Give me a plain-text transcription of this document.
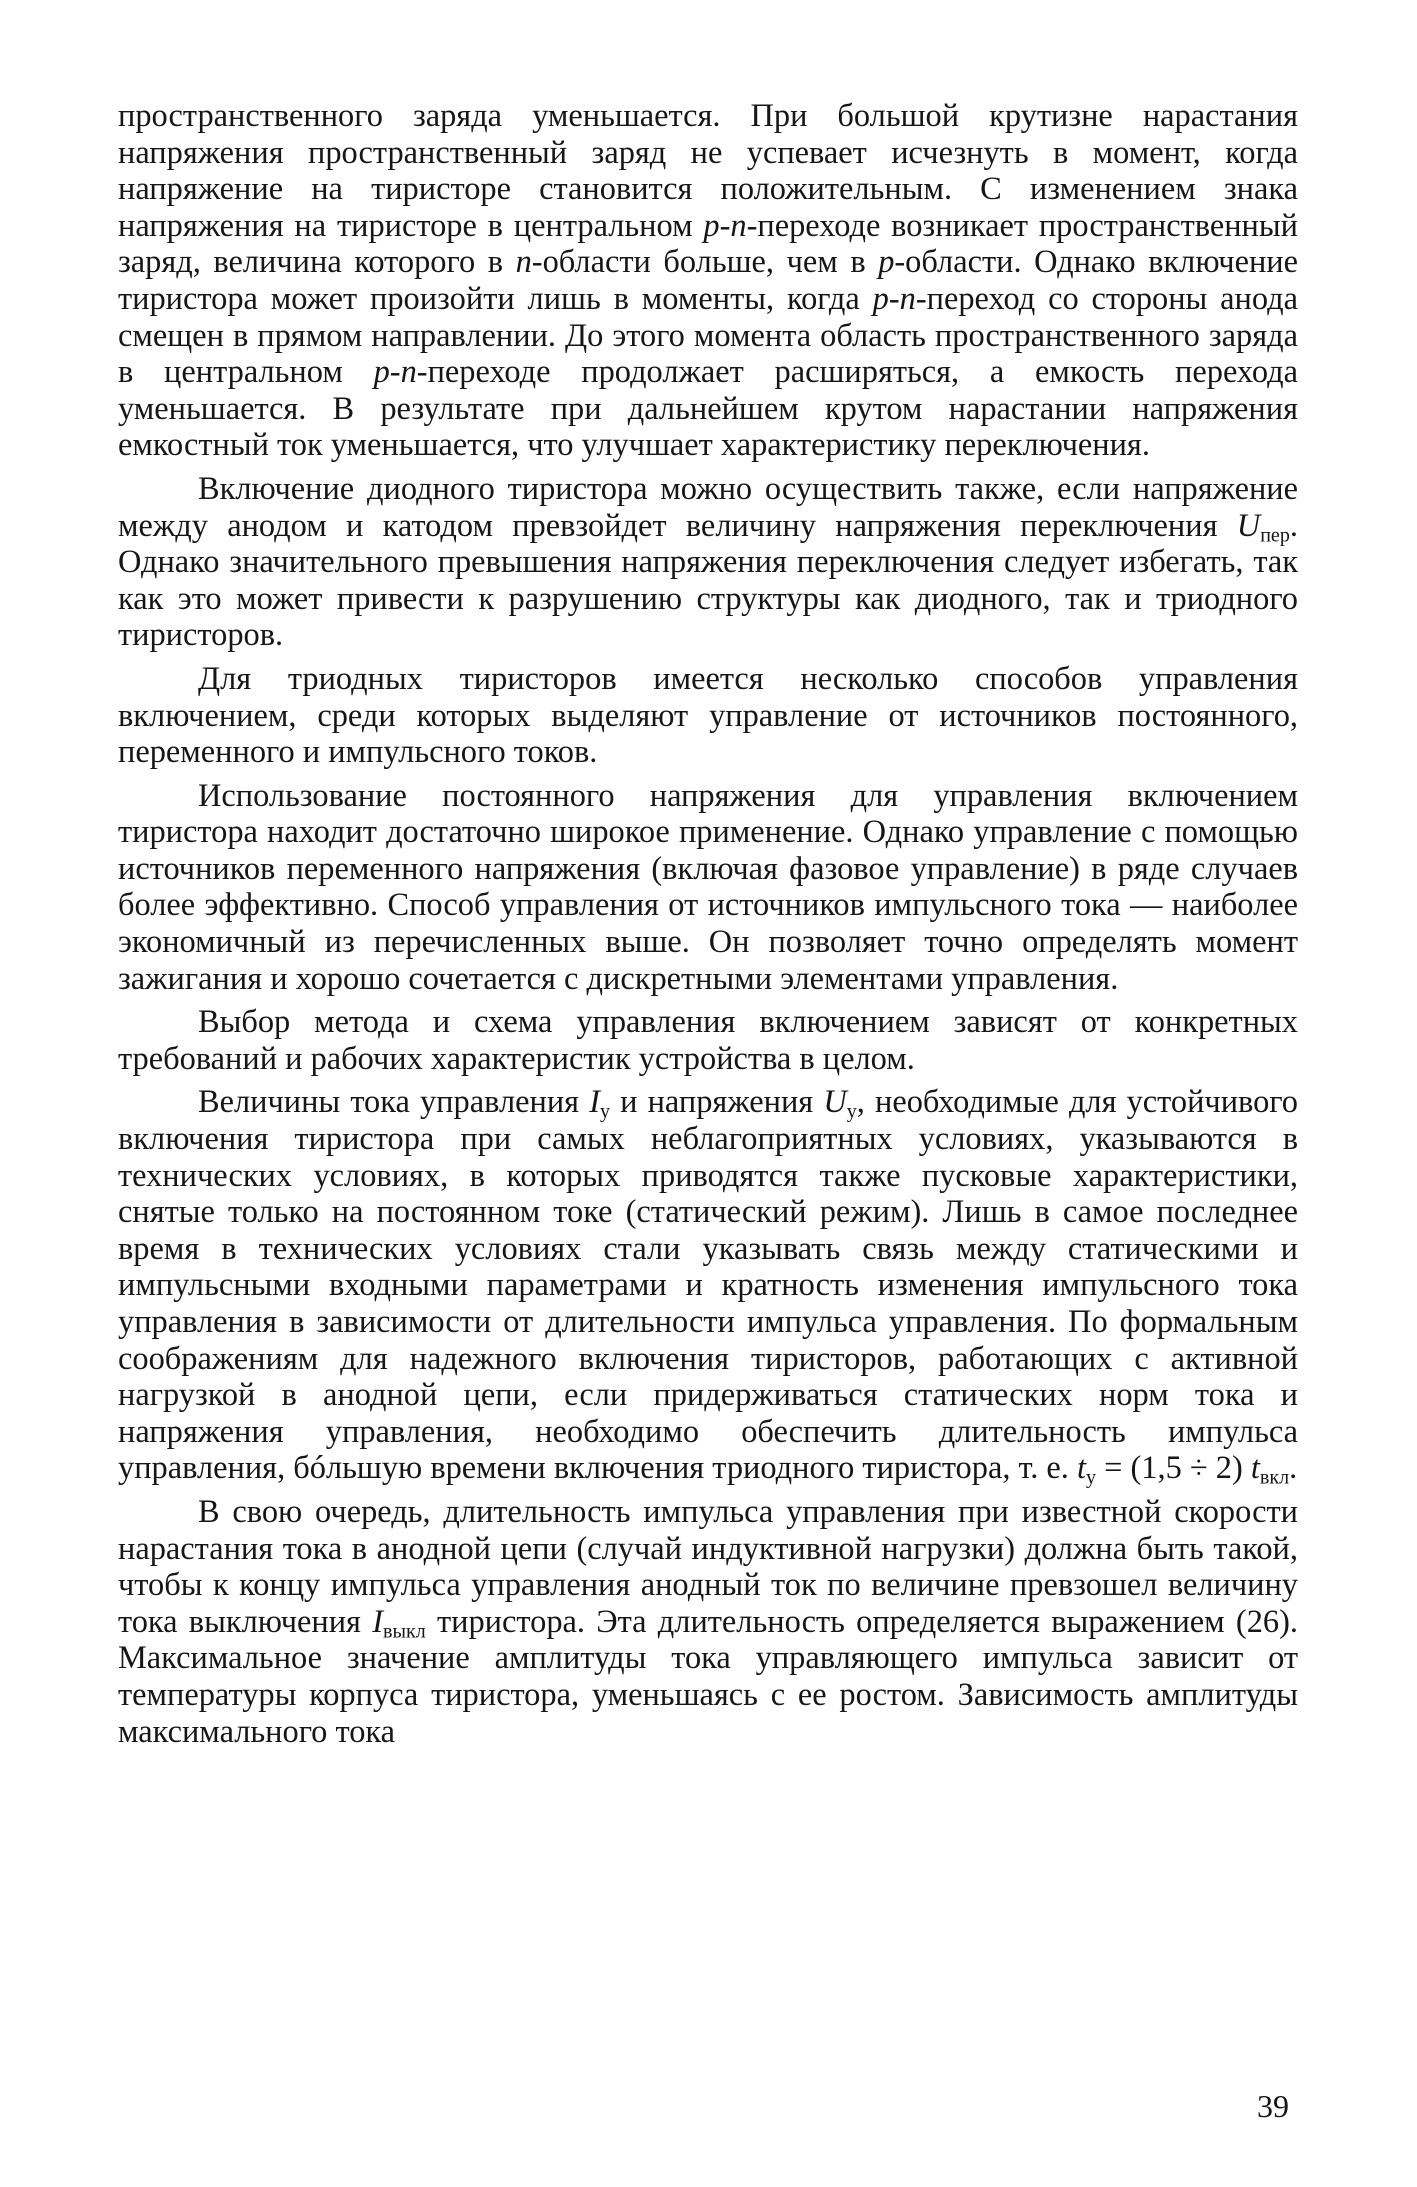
пространственного заряда уменьшается. При большой крутизне нарастания напряжения пространственный заряд не успевает исчезнуть в момент, когда напряжение на тиристоре становится положительным. С изменением знака напряжения на тиристоре в центральном p-n-переходе возникает пространственный заряд, величина которого в n-области больше, чем в p-области. Однако включение тиристора может произойти лишь в моменты, когда p-n-переход со стороны анода смещен в прямом направлении. До этого момента область пространственного заряда в центральном p-n-переходе продолжает расширяться, а емкость перехода уменьшается. В результате при дальнейшем крутом нарастании напряжения емкостный ток уменьшается, что улучшает характеристику переключения.

Включение диодного тиристора можно осуществить также, если напряжение между анодом и катодом превзойдет величину напряжения переключения $U_{пер}$. Однако значительного превышения напряжения переключения следует избегать, так как это может привести к разрушению структуры как диодного, так и триодного тиристоров.

Для триодных тиристоров имеется несколько способов управления включением, среди которых выделяют управление от источников постоянного, переменного и импульсного токов.

Использование постоянного напряжения для управления включением тиристора находит достаточно широкое применение. Однако управление с помощью источников переменного напряжения (включая фазовое управление) в ряде случаев более эффективно. Способ управления от источников импульсного тока — наиболее экономичный из перечисленных выше. Он позволяет точно определять момент зажигания и хорошо сочетается с дискретными элементами управления.

Выбор метода и схема управления включением зависят от конкретных требований и рабочих характеристик устройства в целом.

Величины тока управления $I_у$ и напряжения $U_у$, необходимые для устойчивого включения тиристора при самых неблагоприятных условиях, указываются в технических условиях, в которых приводятся также пусковые характеристики, снятые только на постоянном токе (статический режим). Лишь в самое последнее время в технических условиях стали указывать связь между статическими и импульсными входными параметрами и кратность изменения импульсного тока управления в зависимости от длительности импульса управления. По формальным соображениям для надежного включения тиристоров, работающих с активной нагрузкой в анодной цепи, если придерживаться статических норм тока и напряжения управления, необходимо обеспечить длительность импульса управления, бóльшую времени включения триодного тиристора, т. е. $t_у = (1,5 \div 2)$ $t_{вкл}$.

В свою очередь, длительность импульса управления при известной скорости нарастания тока в анодной цепи (случай индуктивной нагрузки) должна быть такой, чтобы к концу импульса управления анодный ток по величине превзошел величину тока выключения $I_{выкл}$ тиристора. Эта длительность определяется выражением (26). Максимальное значение амплитуды тока управляющего импульса зависит от температуры корпуса тиристора, уменьшаясь с ее ростом. Зависимость амплитуды максимального тока

39
